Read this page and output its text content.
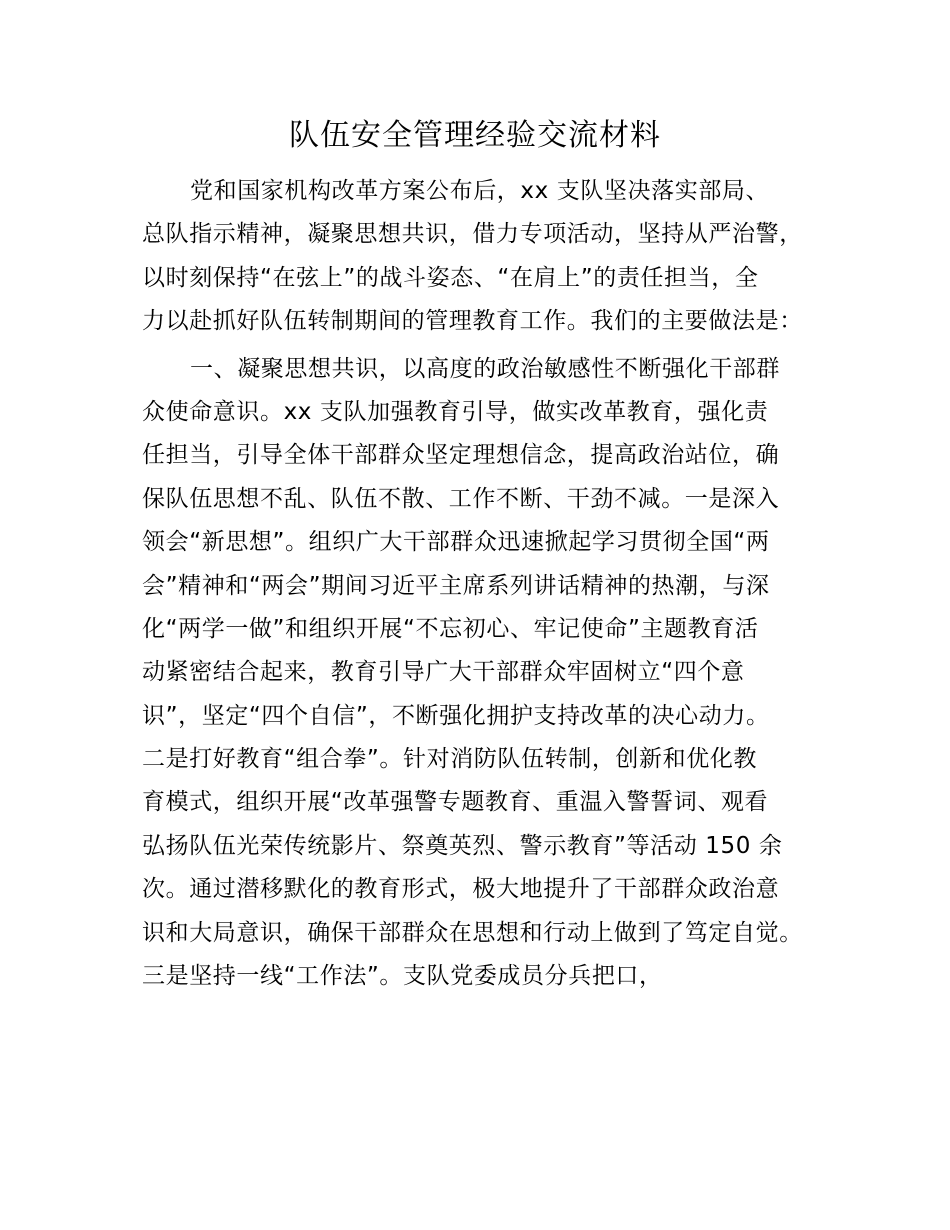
队伍安全管理经验交流材料
党和国家机构改革方案公布后，xx 支队坚决落实部局、
总队指示精神，凝聚思想共识，借力专项活动，坚持从严治警，
以时刻保持“在弦上”的战斗姿态、“在肩上”的责任担当，全
力以赴抓好队伍转制期间的管理教育工作。我们的主要做法是：
一、凝聚思想共识，以高度的政治敏感性不断强化干部群
众使命意识。xx 支队加强教育引导，做实改革教育，强化责
任担当，引导全体干部群众坚定理想信念，提高政治站位，确
保队伍思想不乱、队伍不散、工作不断、干劲不减。一是深入
领会“新思想”。组织广大干部群众迅速掀起学习贯彻全国“两
会”精神和“两会”期间习近平主席系列讲话精神的热潮，与深
化“两学一做”和组织开展“不忘初心、牢记使命”主题教育活
动紧密结合起来，教育引导广大干部群众牢固树立“四个意
识”，坚定“四个自信”，不断强化拥护支持改革的决心动力。
二是打好教育“组合拳”。针对消防队伍转制，创新和优化教
育模式，组织开展“改革强警专题教育、重温入警誓词、观看
弘扬队伍光荣传统影片、祭奠英烈、警示教育”等活动 150 余
次。通过潜移默化的教育形式，极大地提升了干部群众政治意
识和大局意识，确保干部群众在思想和行动上做到了笃定自觉。
三是坚持一线“工作法”。支队党委成员分兵把口，
